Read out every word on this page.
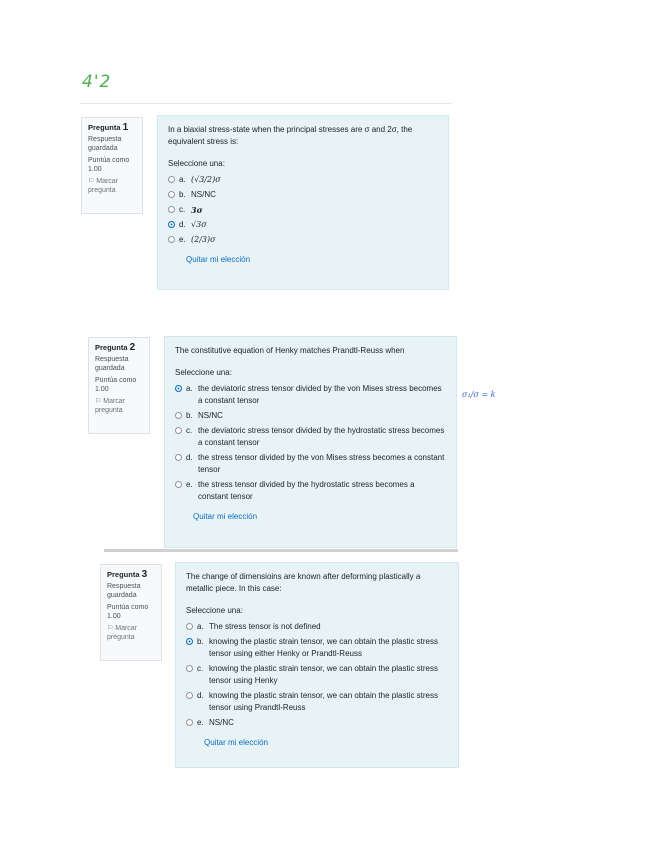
4'2
Pregunta 1
Respuesta guardada
Puntúa como 1.00
⚐ Marcar pregunta
In a biaxial stress-state when the principal stresses are σ and 2σ, the equivalent stress is:
Seleccione una:
a. (√3/2)σ
b. NS/NC
c. 3σ
d. √3σ
e. (2/3)σ
Quitar mi elección
Pregunta 2
Respuesta guardada
Puntúa como 1.00
⚐ Marcar pregunta
The constitutive equation of Henky matches Prandtl-Reuss when
Seleccione una:
a. the deviatoric stress tensor divided by the von Mises stress becomes a constant tensor
b. NS/NC
c. the deviatoric stress tensor divided by the hydrostatic stress becomes a constant tensor
d. the stress tensor divided by the von Mises stress becomes a constant tensor
e. the stress tensor divided by the hydrostatic stress becomes a constant tensor
Quitar mi elección
σ₁/σ = k
Pregunta 3
Respuesta guardada
Puntúa como 1.00
⚐ Marcar pregunta
The change of dimensioins are known after deforming plastically a metallic piece. In this case:
Seleccione una:
a. The stress tensor is not defined
b. knowing the plastic strain tensor, we can obtain the plastic stress tensor using either Henky or Prandtl-Reuss
c. knowing the plastic strain tensor, we can obtain the plastic stress tensor using Henky
d. knowing the plastic strain tensor, we can obtain the plastic stress tensor using Prandtl-Reuss
e. NS/NC
Quitar mi elección
